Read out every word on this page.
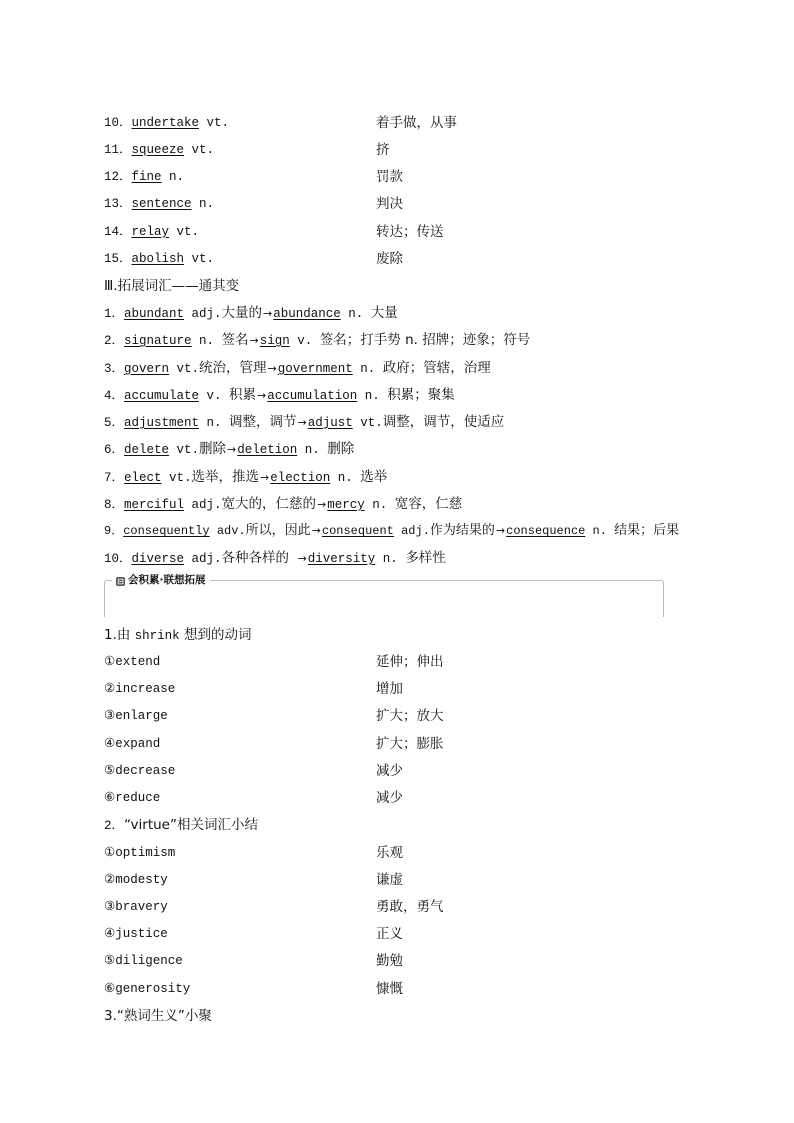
10．undertake vt.	着手做，从事
11．squeeze vt.	挤
12．fine n.	罚款
13．sentence n.	判决
14．relay vt.	转达；传送
15．abolish vt.	废除
Ⅲ.拓展词汇——通其变
1．abundant adj.大量的→abundance n. 大量
2．signature n. 签名→sign v. 签名；打手势 n. 招牌；迹象；符号
3．govern vt.统治，管理→government n. 政府；管辖，治理
4．accumulate v. 积累→accumulation n. 积累；聚集
5．adjustment n. 调整，调节→adjust vt.调整，调节，使适应
6．delete vt.删除→deletion n. 删除
7．elect vt.选举，推选→election n. 选举
8．merciful adj.宽大的，仁慈的→mercy n. 宽容，仁慈
9．consequently adv.所以，因此→consequent adj.作为结果的→consequence n. 结果；后果
10．diverse adj.各种各样的 →diversity n. 多样性
⊟ 会积累·联想拓展
1.由 shrink 想到的动词
①extend	延伸；伸出
②increase	增加
③enlarge	扩大；放大
④expand	扩大；膨胀
⑤decrease	减少
⑥reduce	减少
2．“virtue”相关词汇小结
①optimism	乐观
②modesty	谦虚
③bravery	勇敢，勇气
④justice	正义
⑤diligence	勤勉
⑥generosity	慷慨
3.“熟词生义”小聚
